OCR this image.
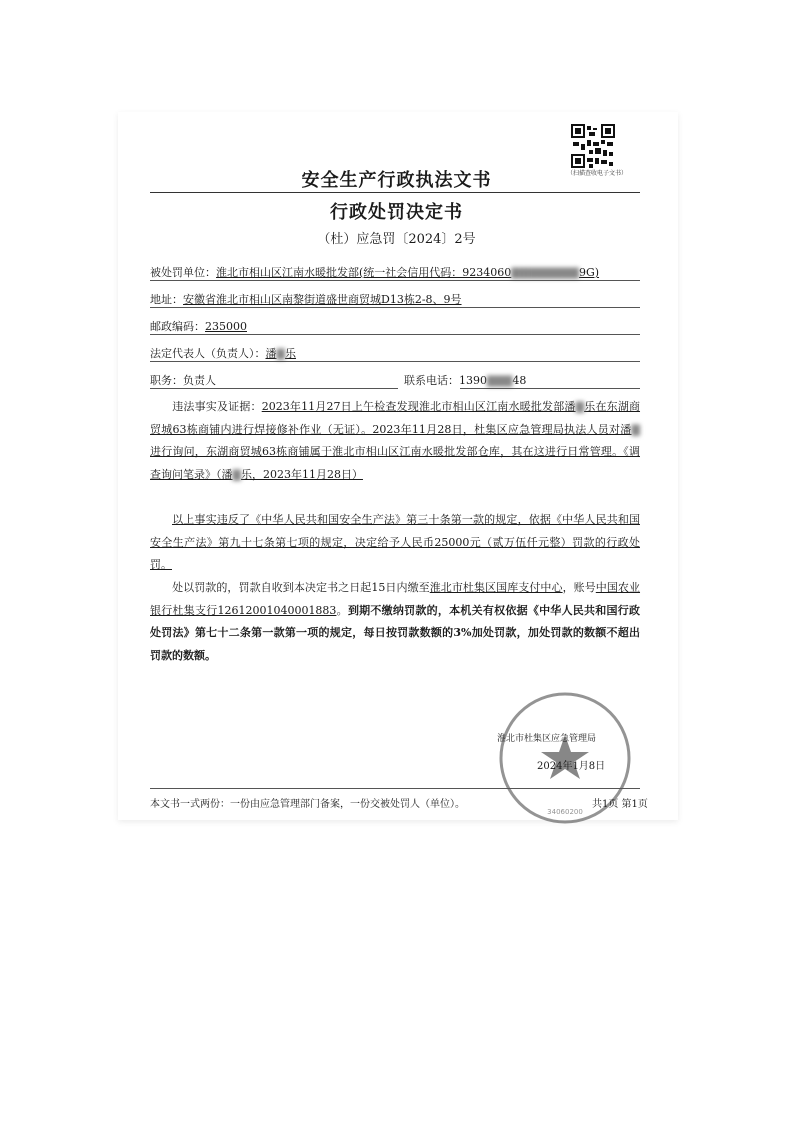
（扫描查收电子文书）
安全生产行政执法文书
行政处罚决定书
（杜）应急罚〔2024〕2号
被处罚单位：淮北市相山区江南水暖批发部(统一社会信用代码：9234060▇▇▇▇▇▇▇▇9G)
地址：安徽省淮北市相山区南黎街道盛世商贸城D13栋2-8、9号
邮政编码：235000
法定代表人（负责人）：潘▇乐
职务：负责人	联系电话：1390▇▇▇48
违法事实及证据：2023年11月27日上午检查发现淮北市相山区江南水暖批发部潘▇乐在东湖商贸城63栋商铺内进行焊接修补作业（无证）。2023年11月28日，杜集区应急管理局执法人员对潘▇进行询问，东湖商贸城63栋商铺属于淮北市相山区江南水暖批发部仓库，其在这进行日常管理。《调查询问笔录》（潘▇乐，2023年11月28日）
以上事实违反了《中华人民共和国安全生产法》第三十条第一款的规定，依据《中华人民共和国安全生产法》第九十七条第七项的规定，决定给予人民币25000元（贰万伍仟元整）罚款的行政处罚。
处以罚款的，罚款自收到本决定书之日起15日内缴至淮北市杜集区国库支付中心，账号中国农业银行杜集支行12612001040001883。到期不缴纳罚款的，本机关有权依据《中华人民共和国行政处罚法》第七十二条第一款第一项的规定，每日按罚款数额的3%加处罚款，加处罚款的数额不超出罚款的数额。
34060200
淮北市杜集区应急管理局
2024年1月8日
本文书一式两份：一份由应急管理部门备案，一份交被处罚人（单位）。	共1页 第1页
